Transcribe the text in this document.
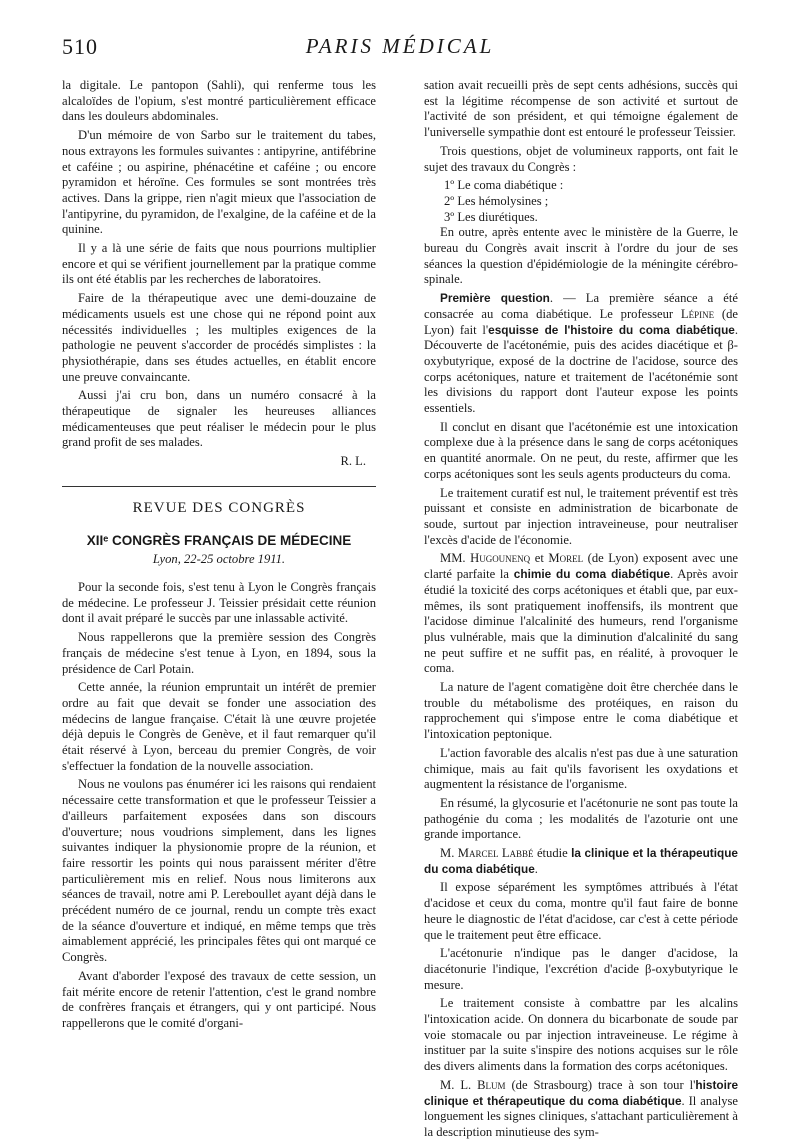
510	PARIS MÉDICAL

la digitale. Le pantopon (Sahli), qui renferme tous les alcaloïdes de l'opium, s'est montré particulièrement efficace dans les douleurs abdominales.

D'un mémoire de von Sarbo sur le traitement du tabes, nous extrayons les formules suivantes : antipyrine, antifébrine et caféine ; ou aspirine, phénacétine et caféine ; ou encore pyramidon et héroïne. Ces formules se sont montrées très actives. Dans la grippe, rien n'agit mieux que l'association de l'antipyrine, du pyramidon, de l'exalgine, de la caféine et de la quinine.

Il y a là une série de faits que nous pourrions multiplier encore et qui se vérifient journellement par la pratique comme ils ont été établis par les recherches de laboratoires.

Faire de la thérapeutique avec une demi-douzaine de médicaments usuels est une chose qui ne répond point aux nécessités individuelles ; les multiples exigences de la pathologie ne peuvent s'accorder de procédés simplistes : la physiothérapie, dans ses études actuelles, en établit encore une preuve convaincante.

Aussi j'ai cru bon, dans un numéro consacré à la thérapeutique de signaler les heureuses alliances médicamenteuses que peut réaliser le médecin pour le plus grand profit de ses malades.

R. L.
REVUE DES CONGRÈS
XIIᵉ CONGRÈS FRANÇAIS DE MÉDECINE
Lyon, 22-25 octobre 1911.

Pour la seconde fois, s'est tenu à Lyon le Congrès français de médecine. Le professeur J. Teissier présidait cette réunion dont il avait préparé le succès par une inlassable activité.

Nous rappellerons que la première session des Congrès français de médecine s'est tenue à Lyon, en 1894, sous la présidence de Carl Potain.

Cette année, la réunion empruntait un intérêt de premier ordre au fait que devait se fonder une association des médecins de langue française. C'était là une œuvre projetée déjà depuis le Congrès de Genève, et il faut remarquer qu'il était réservé à Lyon, berceau du premier Congrès, de voir s'effectuer la fondation de la nouvelle association.

Nous ne voulons pas énumérer ici les raisons qui rendaient nécessaire cette transformation et que le professeur Teissier a d'ailleurs parfaitement exposées dans son discours d'ouverture; nous voudrions simplement, dans les lignes suivantes indiquer la physionomie propre de la réunion, et faire ressortir les points qui nous paraissent mériter d'être particulièrement mis en relief. Nous nous limiterons aux séances de travail, notre ami P. Lereboullet ayant déjà dans le précédent numéro de ce journal, rendu un compte très exact de la séance d'ouverture et indiqué, en même temps que très aimablement apprécié, les principales fêtes qui ont marqué ce Congrès.

Avant d'aborder l'exposé des travaux de cette session, un fait mérite encore de retenir l'attention, c'est le grand nombre de confrères français et étrangers, qui y ont participé. Nous rappellerons que le comité d'organi-

sation avait recueilli près de sept cents adhésions, succès qui est la légitime récompense de son activité et surtout de l'activité de son président, et qui témoigne également de l'universelle sympathie dont est entouré le professeur Teissier.

Trois questions, objet de volumineux rapports, ont fait le sujet des travaux du Congrès :

1º Le coma diabétique :

2º Les hémolysines ;

3º Les diurétiques.

En outre, après entente avec le ministère de la Guerre, le bureau du Congrès avait inscrit à l'ordre du jour de ses séances la question d'épidémiologie de la méningite cérébro-spinale.

Première question. — La première séance a été consacrée au coma diabétique. Le professeur Lépine (de Lyon) fait l'esquisse de l'histoire du coma diabétique. Découverte de l'acétonémie, puis des acides diacétique et β-oxybutyrique, exposé de la doctrine de l'acidose, source des corps acétoniques, nature et traitement de l'acétonémie sont les divisions du rapport dont l'auteur expose les points essentiels.

Il conclut en disant que l'acétonémie est une intoxication complexe due à la présence dans le sang de corps acétoniques en quantité anormale. On ne peut, du reste, affirmer que les corps acétoniques sont les seuls agents producteurs du coma.

Le traitement curatif est nul, le traitement préventif est très puissant et consiste en administration de bicarbonate de soude, surtout par injection intraveineuse, pour neutraliser l'excès d'acide de l'économie.

MM. Hugounenq et Morel (de Lyon) exposent avec une clarté parfaite la chimie du coma diabétique. Après avoir étudié la toxicité des corps acétoniques et établi que, par eux-mêmes, ils sont pratiquement inoffensifs, ils montrent que l'acidose diminue l'alcalinité des humeurs, rend l'organisme plus vulnérable, mais que la diminution d'alcalinité du sang ne peut suffire et ne suffit pas, en réalité, à provoquer le coma.

La nature de l'agent comatigène doit être cherchée dans le trouble du métabolisme des protéiques, en raison du rapprochement qui s'impose entre le coma diabétique et l'intoxication peptonique.

L'action favorable des alcalis n'est pas due à une saturation chimique, mais au fait qu'ils favorisent les oxydations et augmentent la résistance de l'organisme.

En résumé, la glycosurie et l'acétonurie ne sont pas toute la pathogénie du coma ; les modalités de l'azoturie ont une grande importance.

M. Marcel Labbé étudie la clinique et la thérapeutique du coma diabétique.

Il expose séparément les symptômes attribués à l'état d'acidose et ceux du coma, montre qu'il faut faire de bonne heure le diagnostic de l'état d'acidose, car c'est à cette période que le traitement peut être efficace.

L'acétonurie n'indique pas le danger d'acidose, la diacétonurie l'indique, l'excrétion d'acide β-oxybutyrique le mesure.

Le traitement consiste à combattre par les alcalins l'intoxication acide. On donnera du bicarbonate de soude par voie stomacale ou par injection intraveineuse. Le régime à instituer par la suite s'inspire des notions acquises sur le rôle des divers aliments dans la formation des corps acétoniques.

M. L. Blum (de Strasbourg) trace à son tour l'histoire clinique et thérapeutique du coma diabétique. Il analyse longuement les signes cliniques, s'attachant particulièrement à la description minutieuse des sym-
